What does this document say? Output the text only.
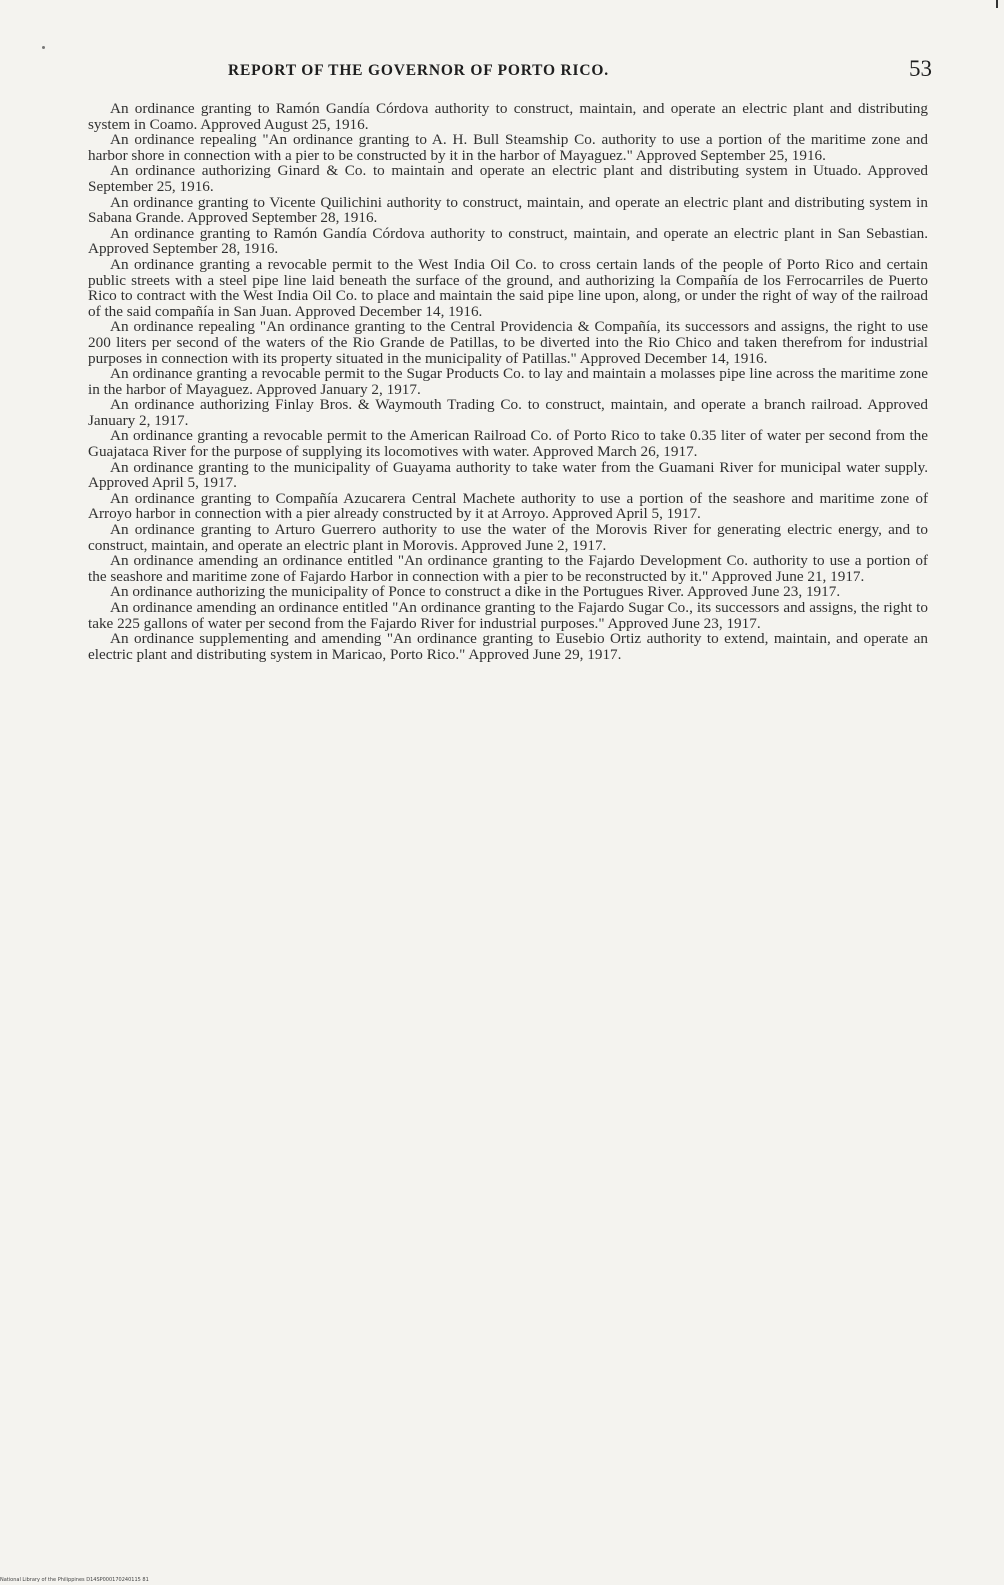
REPORT OF THE GOVERNOR OF PORTO RICO.	53

An ordinance granting to Ramón Gandía Córdova authority to construct, maintain, and operate an electric plant and distributing system in Coamo. Approved August 25, 1916.

An ordinance repealing "An ordinance granting to A. H. Bull Steamship Co. authority to use a portion of the maritime zone and harbor shore in connection with a pier to be constructed by it in the harbor of Mayaguez." Approved September 25, 1916.

An ordinance authorizing Ginard & Co. to maintain and operate an electric plant and distributing system in Utuado. Approved September 25, 1916.

An ordinance granting to Vicente Quilichini authority to construct, maintain, and operate an electric plant and distributing system in Sabana Grande. Approved September 28, 1916.

An ordinance granting to Ramón Gandía Córdova authority to construct, maintain, and operate an electric plant in San Sebastian. Approved September 28, 1916.

An ordinance granting a revocable permit to the West India Oil Co. to cross certain lands of the people of Porto Rico and certain public streets with a steel pipe line laid beneath the surface of the ground, and authorizing la Compañía de los Ferrocarriles de Puerto Rico to contract with the West India Oil Co. to place and maintain the said pipe line upon, along, or under the right of way of the railroad of the said compañía in San Juan. Approved December 14, 1916.

An ordinance repealing "An ordinance granting to the Central Providencia & Compañía, its successors and assigns, the right to use 200 liters per second of the waters of the Rio Grande de Patillas, to be diverted into the Rio Chico and taken therefrom for industrial purposes in connection with its property situated in the municipality of Patillas." Approved December 14, 1916.

An ordinance granting a revocable permit to the Sugar Products Co. to lay and maintain a molasses pipe line across the maritime zone in the harbor of Mayaguez. Approved January 2, 1917.

An ordinance authorizing Finlay Bros. & Waymouth Trading Co. to construct, maintain, and operate a branch railroad. Approved January 2, 1917.

An ordinance granting a revocable permit to the American Railroad Co. of Porto Rico to take 0.35 liter of water per second from the Guajataca River for the purpose of supplying its locomotives with water. Approved March 26, 1917.

An ordinance granting to the municipality of Guayama authority to take water from the Guamani River for municipal water supply. Approved April 5, 1917.

An ordinance granting to Compañía Azucarera Central Machete authority to use a portion of the seashore and maritime zone of Arroyo harbor in connection with a pier already constructed by it at Arroyo. Approved April 5, 1917.

An ordinance granting to Arturo Guerrero authority to use the water of the Morovis River for generating electric energy, and to construct, maintain, and operate an electric plant in Morovis. Approved June 2, 1917.

An ordinance amending an ordinance entitled "An ordinance granting to the Fajardo Development Co. authority to use a portion of the seashore and maritime zone of Fajardo Harbor in connection with a pier to be reconstructed by it." Approved June 21, 1917.

An ordinance authorizing the municipality of Ponce to construct a dike in the Portugues River. Approved June 23, 1917.

An ordinance amending an ordinance entitled "An ordinance granting to the Fajardo Sugar Co., its successors and assigns, the right to take 225 gallons of water per second from the Fajardo River for industrial purposes." Approved June 23, 1917.

An ordinance supplementing and amending "An ordinance granting to Eusebio Ortiz authority to extend, maintain, and operate an electric plant and distributing system in Maricao, Porto Rico." Approved June 29, 1917.

National Library of the Philippines D14SP000170240115 81
